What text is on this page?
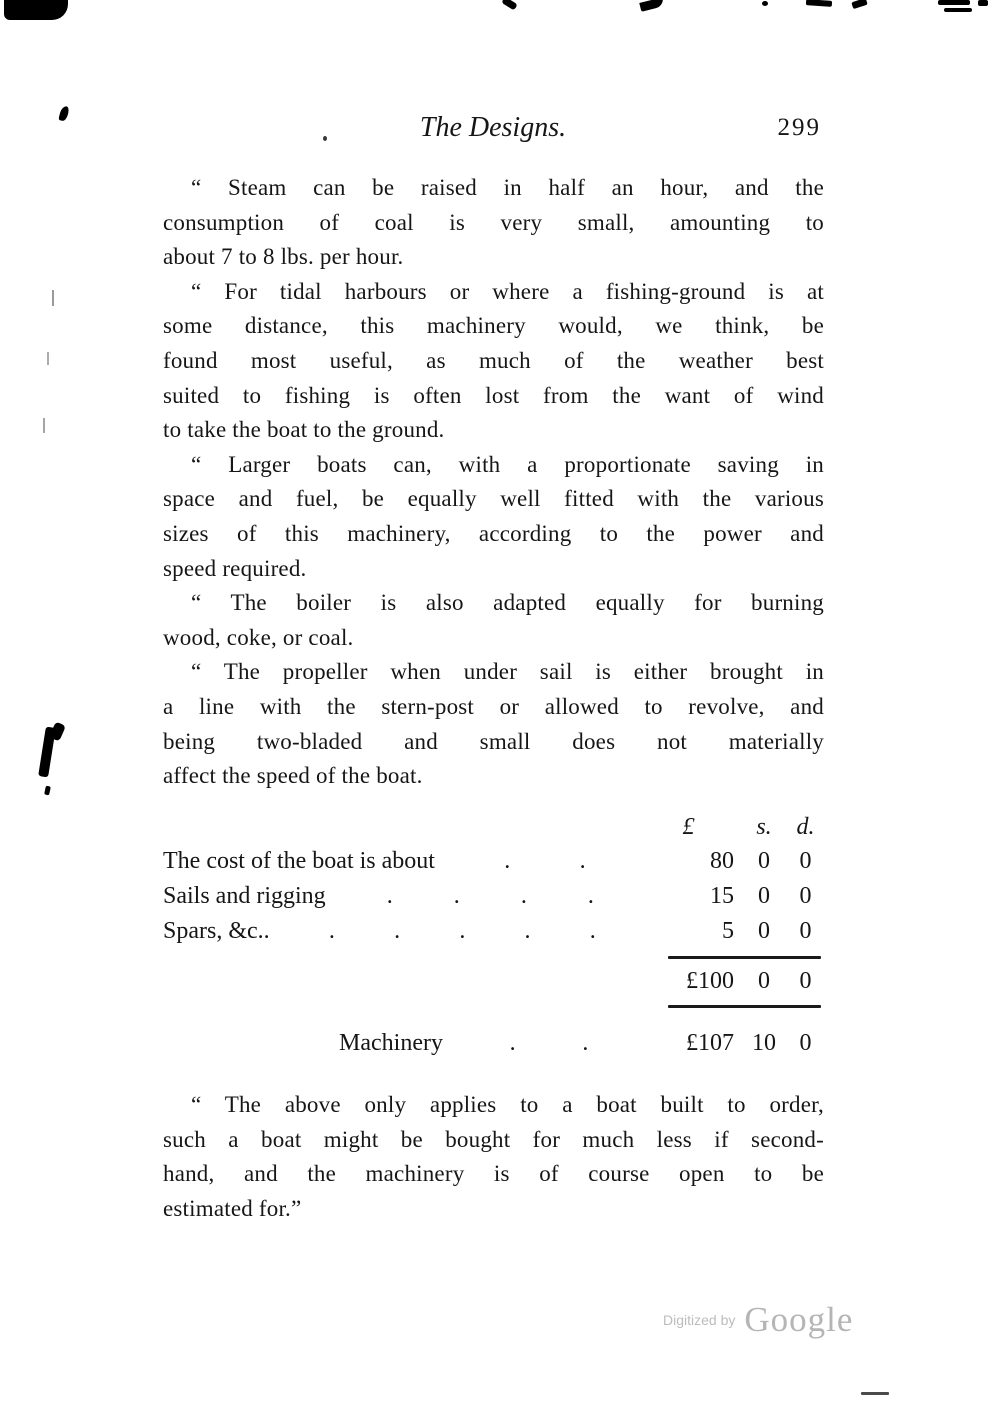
The Designs.	299
“ Steam can be raised in half an hour, and the
consumption of coal is very small, amounting to
about 7 to 8 lbs. per hour.
“ For tidal harbours or where a fishing-ground is at
some distance, this machinery would, we think, be
found most useful, as much of the weather best
suited to fishing is often lost from the want of wind
to take the boat to the ground.
“ Larger boats can, with a proportionate saving in
space and fuel, be equally well fitted with the various
sizes of this machinery, according to the power and
speed required.
“ The boiler is also adapted equally for burning
wood, coke, or coal.
“ The propeller when under sail is either brought in
a line with the stern-post or allowed to revolve, and
being two-bladed and small does not materially
affect the speed of the boat.
£	s.	d.
The cost of the boat is about	.	.	80	0	0
Sails and rigging	.	.	.	.	15	0	0
Spars, &c.. . . . . .	5	0	0
£100	0	0
Machinery	.	.	£107 10 0
“ The above only applies to a boat built to order,
such a boat might be bought for much less if second-
hand, and the machinery is of course open to be
estimated for.”
Digitized by Google
